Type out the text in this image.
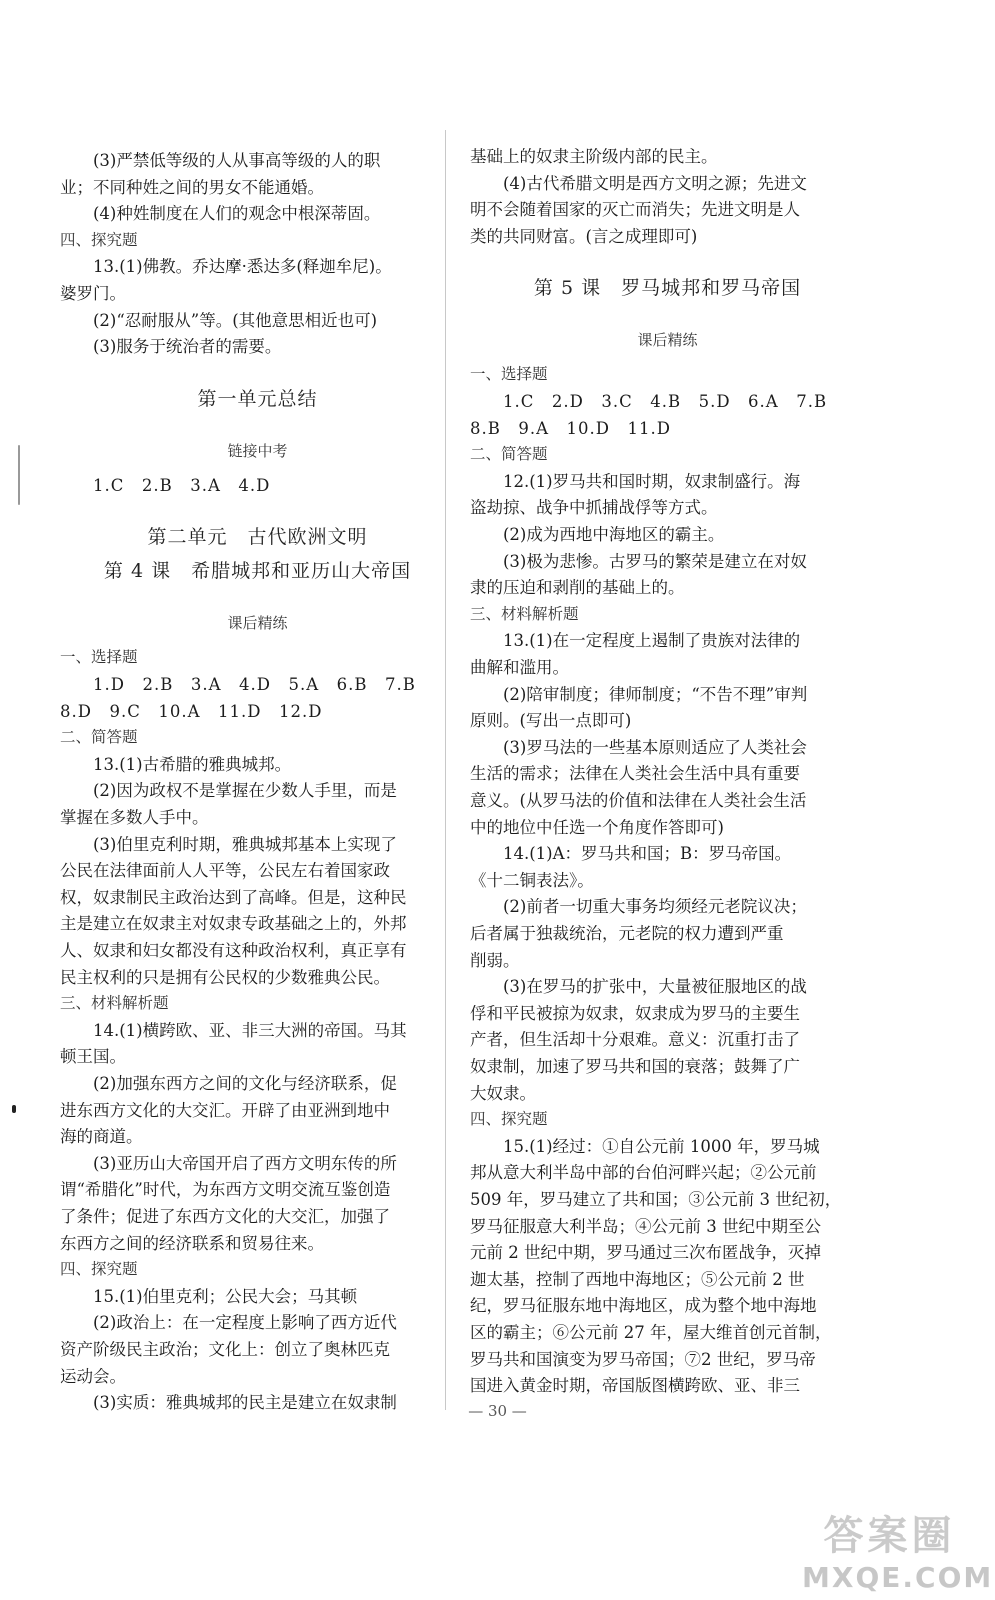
(3)严禁低等级的人从事高等级的人的职
业；不同种姓之间的男女不能通婚。
(4)种姓制度在人们的观念中根深蒂固。
四、探究题
13.(1)佛教。乔达摩·悉达多(释迦牟尼)。
婆罗门。
(2)“忍耐服从”等。(其他意思相近也可)
(3)服务于统治者的需要。
第一单元总结
链接中考
1.C　2.B　3.A　4.D
第二单元　古代欧洲文明
第 4 课　希腊城邦和亚历山大帝国
课后精练
一、选择题
1.D　2.B　3.A　4.D　5.A　6.B　7.B
8.D　9.C　10.A　11.D　12.D
二、简答题
13.(1)古希腊的雅典城邦。
(2)因为政权不是掌握在少数人手里，而是
掌握在多数人手中。
(3)伯里克利时期，雅典城邦基本上实现了
公民在法律面前人人平等，公民左右着国家政
权，奴隶制民主政治达到了高峰。但是，这种民
主是建立在奴隶主对奴隶专政基础之上的，外邦
人、奴隶和妇女都没有这种政治权利，真正享有
民主权利的只是拥有公民权的少数雅典公民。
三、材料解析题
14.(1)横跨欧、亚、非三大洲的帝国。马其
顿王国。
(2)加强东西方之间的文化与经济联系，促
进东西方文化的大交汇。开辟了由亚洲到地中
海的商道。
(3)亚历山大帝国开启了西方文明东传的所
谓“希腊化”时代，为东西方文明交流互鉴创造
了条件；促进了东西方文化的大交汇，加强了
东西方之间的经济联系和贸易往来。
四、探究题
15.(1)伯里克利；公民大会；马其顿
(2)政治上：在一定程度上影响了西方近代
资产阶级民主政治；文化上：创立了奥林匹克
运动会。
(3)实质：雅典城邦的民主是建立在奴隶制
基础上的奴隶主阶级内部的民主。
(4)古代希腊文明是西方文明之源；先进文
明不会随着国家的灭亡而消失；先进文明是人
类的共同财富。(言之成理即可)
第 5 课　罗马城邦和罗马帝国
课后精练
一、选择题
1.C　2.D　3.C　4.B　5.D　6.A　7.B
8.B　9.A　10.D　11.D
二、简答题
12.(1)罗马共和国时期，奴隶制盛行。海
盗劫掠、战争中抓捕战俘等方式。
(2)成为西地中海地区的霸主。
(3)极为悲惨。古罗马的繁荣是建立在对奴
隶的压迫和剥削的基础上的。
三、材料解析题
13.(1)在一定程度上遏制了贵族对法律的
曲解和滥用。
(2)陪审制度；律师制度；“不告不理”审判
原则。(写出一点即可)
(3)罗马法的一些基本原则适应了人类社会
生活的需求；法律在人类社会生活中具有重要
意义。(从罗马法的价值和法律在人类社会生活
中的地位中任选一个角度作答即可)
14.(1)A：罗马共和国；B：罗马帝国。
《十二铜表法》。
(2)前者一切重大事务均须经元老院议决；
后者属于独裁统治，元老院的权力遭到严重
削弱。
(3)在罗马的扩张中，大量被征服地区的战
俘和平民被掠为奴隶，奴隶成为罗马的主要生
产者，但生活却十分艰难。意义：沉重打击了
奴隶制，加速了罗马共和国的衰落；鼓舞了广
大奴隶。
四、探究题
15.(1)经过：①自公元前 1000 年，罗马城
邦从意大利半岛中部的台伯河畔兴起；②公元前
509 年，罗马建立了共和国；③公元前 3 世纪初，
罗马征服意大利半岛；④公元前 3 世纪中期至公
元前 2 世纪中期，罗马通过三次布匿战争，灭掉
迦太基，控制了西地中海地区；⑤公元前 2 世
纪，罗马征服东地中海地区，成为整个地中海地
区的霸主；⑥公元前 27 年，屋大维首创元首制，
罗马共和国演变为罗马帝国；⑦2 世纪，罗马帝
国进入黄金时期，帝国版图横跨欧、亚、非三
— 30 —
答案圈
MXQE.COM
